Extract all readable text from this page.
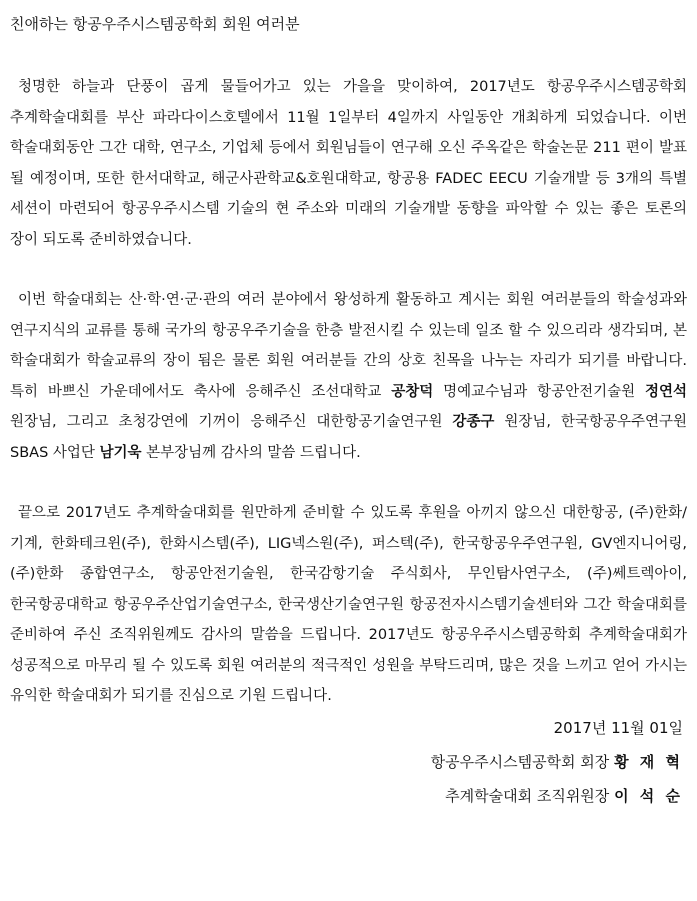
친애하는 항공우주시스템공학회 회원 여러분

청명한 하늘과 단풍이 곱게 물들어가고 있는 가을을 맞이하여, 2017년도 항공우주시스템공학회 추계학술대회를 부산 파라다이스호텔에서 11월 1일부터 4일까지 사일동안 개최하게 되었습니다. 이번 학술대회동안 그간 대학, 연구소, 기업체 등에서 회원님들이 연구해 오신 주옥같은 학술논문 211 편이 발표 될 예정이며, 또한 한서대학교, 해군사관학교&호원대학교, 항공용 FADEC EECU 기술개발 등 3개의 특별 세션이 마련되어 항공우주시스템 기술의 현 주소와 미래의 기술개발 동향을 파악할 수 있는 좋은 토론의 장이 되도록 준비하였습니다.

이번 학술대회는 산·학·연·군·관의 여러 분야에서 왕성하게 활동하고 계시는 회원 여러분들의 학술성과와 연구지식의 교류를 통해 국가의 항공우주기술을 한층 발전시킬 수 있는데 일조 할 수 있으리라 생각되며, 본 학술대회가 학술교류의 장이 됨은 물론 회원 여러분들 간의 상호 친목을 나누는 자리가 되기를 바랍니다. 특히 바쁘신 가운데에서도 축사에 응해주신 조선대학교 공창덕 명예교수님과 항공안전기술원 정연석 원장님, 그리고 초청강연에 기꺼이 응해주신 대한항공기술연구원 강종구 원장님, 한국항공우주연구원 SBAS 사업단 남기욱 본부장님께 감사의 말씀 드립니다.

끝으로 2017년도 추계학술대회를 원만하게 준비할 수 있도록 후원을 아끼지 않으신 대한항공, (주)한화/기계, 한화테크윈(주), 한화시스템(주), LIG넥스원(주), 퍼스텍(주), 한국항공우주연구원, GV엔지니어링, (주)한화 종합연구소, 항공안전기술원, 한국감항기술 주식회사, 무인탐사연구소, (주)쎄트렉아이, 한국항공대학교 항공우주산업기술연구소, 한국생산기술연구원 항공전자시스템기술센터와 그간 학술대회를 준비하여 주신 조직위원께도 감사의 말씀을 드립니다. 2017년도 항공우주시스템공학회 추계학술대회가 성공적으로 마무리 될 수 있도록 회원 여러분의 적극적인 성원을 부탁드리며, 많은 것을 느끼고 얻어 가시는 유익한 학술대회가 되기를 진심으로 기원 드립니다.

2017년 11월 01일

항공우주시스템공학회 회장 황 재 혁

추계학술대회 조직위원장 이 석 순
